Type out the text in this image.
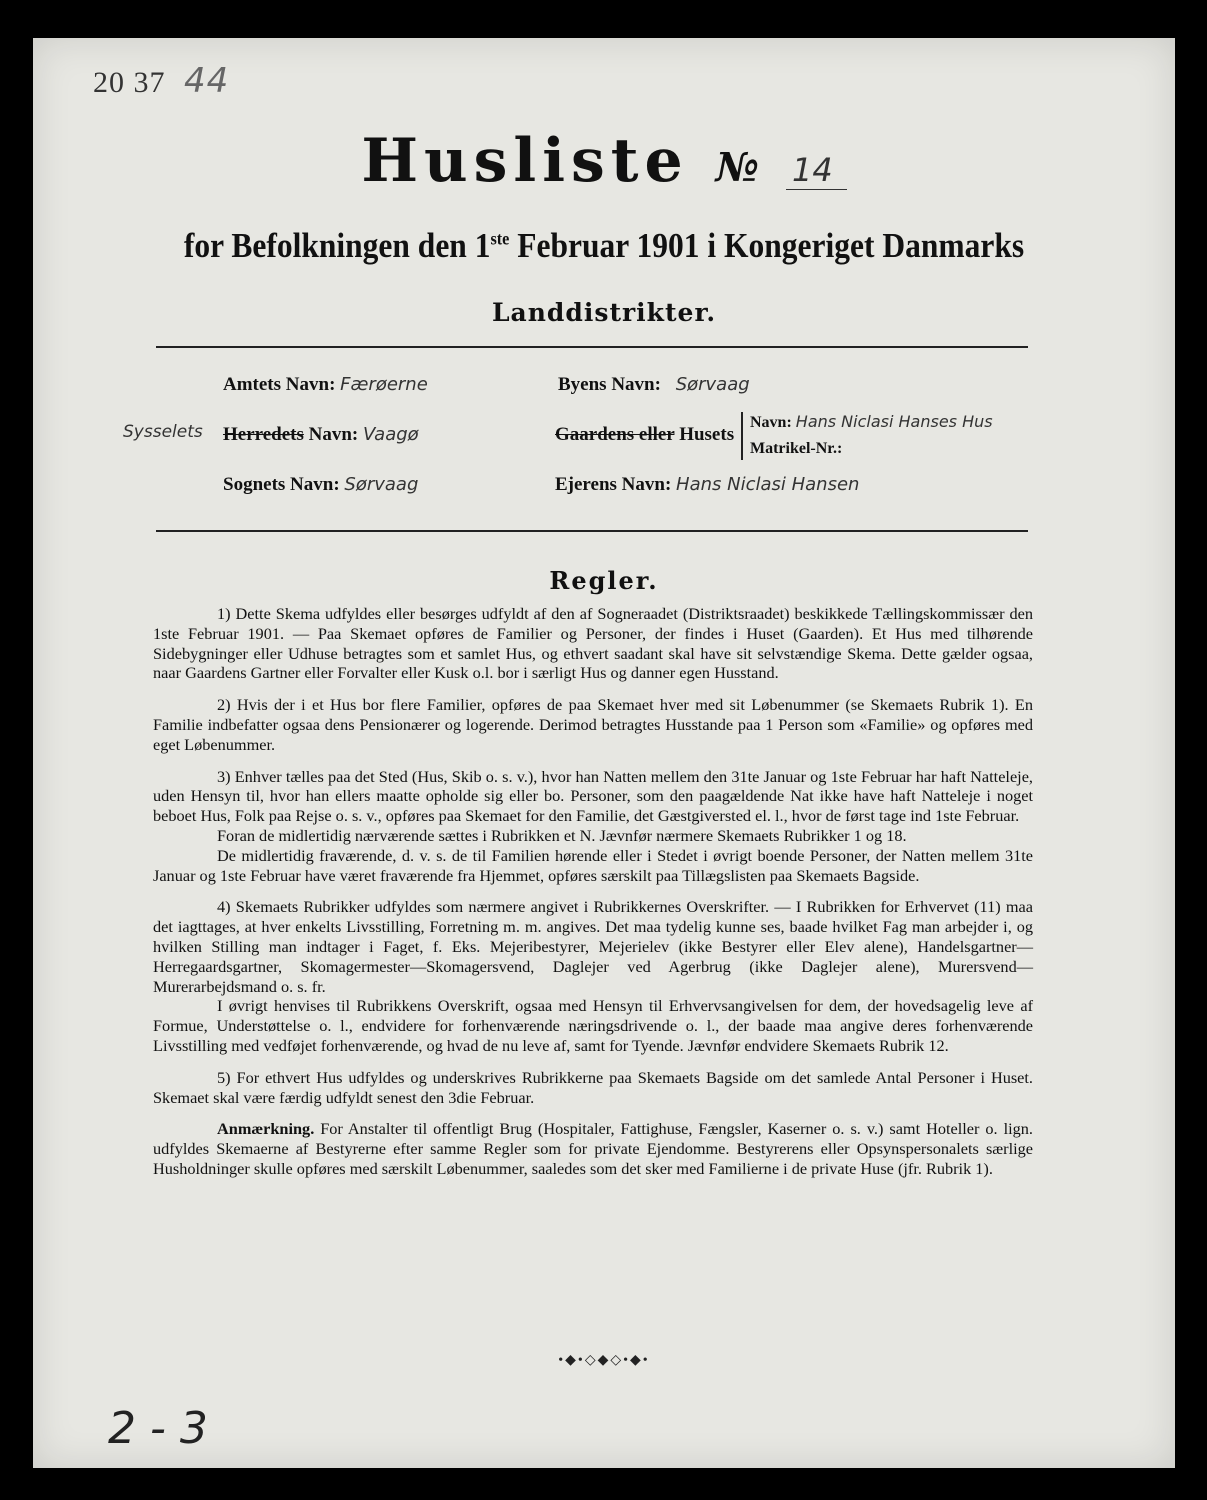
20 37 44
Husliste № 14
for Befolkningen den 1ste Februar 1901 i Kongeriget Danmarks
Landdistrikter.
Amtets Navn: Færøerne	Byens Navn: Sørvaag
Sysselets Herredets Navn: Vaagø	Gaardens eller Husets
Navn: Hans Niclasi Hanses Hus
Matrikel-Nr.:
Sognets Navn: Sørvaag	Ejerens Navn: Hans Niclasi Hansen
Regler.

1) Dette Skema udfyldes eller besørges udfyldt af den af Sogneraadet (Distriktsraadet) beskikkede Tællingskommissær den 1ste Februar 1901. — Paa Skemaet opføres de Familier og Personer, der findes i Huset (Gaarden). Et Hus med tilhørende Sidebygninger eller Udhuse betragtes som et samlet Hus, og ethvert saadant skal have sit selvstændige Skema. Dette gælder ogsaa, naar Gaardens Gartner eller Forvalter eller Kusk o.l. bor i særligt Hus og danner egen Husstand.

2) Hvis der i et Hus bor flere Familier, opføres de paa Skemaet hver med sit Løbenummer (se Skemaets Rubrik 1). En Familie indbefatter ogsaa dens Pensionærer og logerende. Derimod betragtes Husstande paa 1 Person som «Familie» og opføres med eget Løbenummer.

3) Enhver tælles paa det Sted (Hus, Skib o. s. v.), hvor han Natten mellem den 31te Januar og 1ste Februar har haft Natteleje, uden Hensyn til, hvor han ellers maatte opholde sig eller bo. Personer, som den paagældende Nat ikke have haft Natteleje i noget beboet Hus, Folk paa Rejse o. s. v., opføres paa Skemaet for den Familie, det Gæstgiversted el. l., hvor de først tage ind 1ste Februar.

Foran de midlertidig nærværende sættes i Rubrikken et N. Jævnfør nærmere Skemaets Rubrikker 1 og 18.

De midlertidig fraværende, d. v. s. de til Familien hørende eller i Stedet i øvrigt boende Personer, der Natten mellem 31te Januar og 1ste Februar have været fraværende fra Hjemmet, opføres særskilt paa Tillægslisten paa Skemaets Bagside.

4) Skemaets Rubrikker udfyldes som nærmere angivet i Rubrikkernes Overskrifter. — I Rubrikken for Erhvervet (11) maa det iagttages, at hver enkelts Livsstilling, Forretning m. m. angives. Det maa tydelig kunne ses, baade hvilket Fag man arbejder i, og hvilken Stilling man indtager i Faget, f. Eks. Mejeribestyrer, Mejerielev (ikke Bestyrer eller Elev alene), Handelsgartner—Herregaardsgartner, Skomagermester—Skomagersvend, Daglejer ved Agerbrug (ikke Daglejer alene), Murersvend—Murerarbejdsmand o. s. fr.

I øvrigt henvises til Rubrikkens Overskrift, ogsaa med Hensyn til Erhvervsangivelsen for dem, der hovedsagelig leve af Formue, Understøttelse o. l., endvidere for forhenværende næringsdrivende o. l., der baade maa angive deres forhenværende Livsstilling med vedføjet forhenværende, og hvad de nu leve af, samt for Tyende. Jævnfør endvidere Skemaets Rubrik 12.

5) For ethvert Hus udfyldes og underskrives Rubrikkerne paa Skemaets Bagside om det samlede Antal Personer i Huset. Skemaet skal være færdig udfyldt senest den 3die Februar.

Anmærkning. For Anstalter til offentligt Brug (Hospitaler, Fattighuse, Fængsler, Kaserner o. s. v.) samt Hoteller o. lign. udfyldes Skemaerne af Bestyrerne efter samme Regler som for private Ejendomme. Bestyrerens eller Opsynspersonalets særlige Husholdninger skulle opføres med særskilt Løbenummer, saaledes som det sker med Familierne i de private Huse (jfr. Rubrik 1).

•◆•◇◆◇•◆•
2 - 3
